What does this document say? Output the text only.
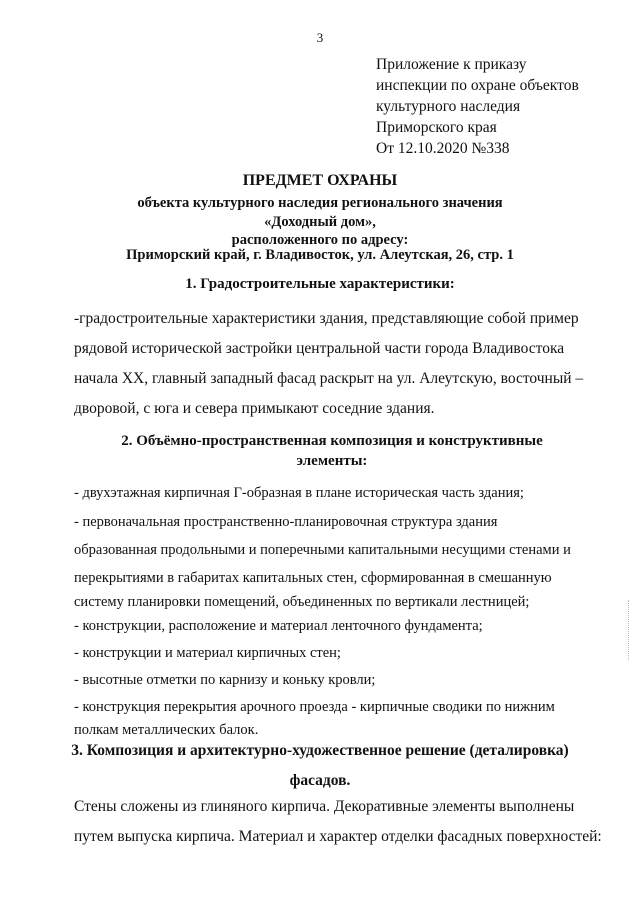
3
Приложение к приказу
инспекции по охране объектов
культурного наследия
Приморского края
От 12.10.2020 №338
ПРЕДМЕТ ОХРАНЫ
объекта культурного наследия регионального значения
«Доходный дом»,
расположенного по адресу:
Приморский край, г. Владивосток, ул. Алеутская, 26, стр. 1
1. Градостроительные характеристики:
-градостроительные характеристики здания, представляющие собой пример
рядовой исторической застройки центральной части города Владивостока
начала XX, главный западный фасад раскрыт на ул. Алеутскую, восточный –
дворовой, с юга и севера примыкают соседние здания.
2. Объёмно-пространственная композиция и конструктивные
элементы:
- двухэтажная кирпичная Г-образная в плане историческая часть здания;
- первоначальная пространственно-планировочная структура здания
образованная продольными и поперечными капитальными несущими стенами и
перекрытиями в габаритах капитальных стен, сформированная в смешанную
систему планировки помещений, объединенных по вертикали лестницей;
- конструкции, расположение и материал ленточного фундамента;
- конструкции и материал кирпичных стен;
- высотные отметки по карнизу и коньку кровли;
- конструкция перекрытия арочного проезда - кирпичные сводики по нижним
полкам металлических балок.
3. Композиция и архитектурно-художественное решение (деталировка)
фасадов.
Стены сложены из глиняного кирпича. Декоративные элементы выполнены
путем выпуска кирпича. Материал и характер отделки фасадных поверхностей:
